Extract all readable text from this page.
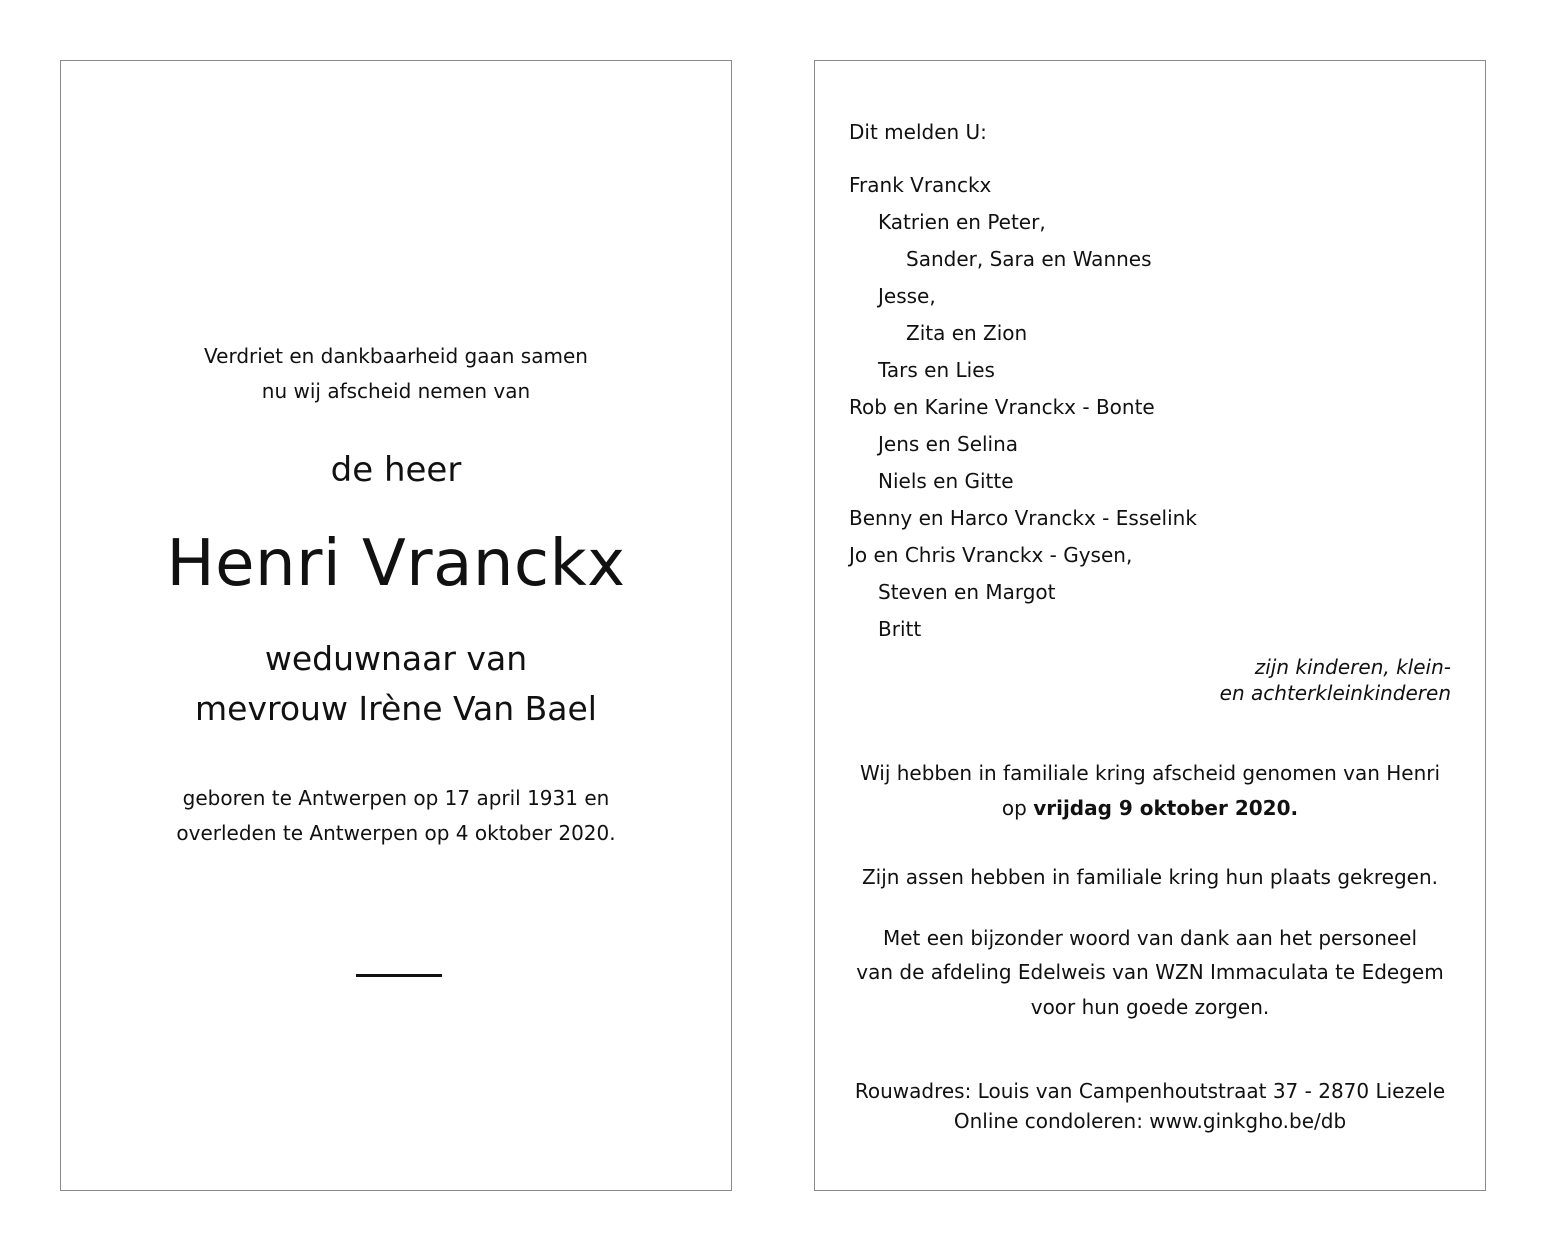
Verdriet en dankbaarheid gaan samen
nu wij afscheid nemen van
de heer
Henri Vranckx
weduwnaar van
mevrouw Irène Van Bael
geboren te Antwerpen op 17 april 1931 en
overleden te Antwerpen op 4 oktober 2020.
Dit melden U:
Frank Vranckx
Katrien en Peter,
Sander, Sara en Wannes
Jesse,
Zita en Zion
Tars en Lies
Rob en Karine Vranckx - Bonte
Jens en Selina
Niels en Gitte
Benny en Harco Vranckx - Esselink
Jo en Chris Vranckx - Gysen,
Steven en Margot
Britt
zijn kinderen, klein-
en achterkleinkinderen
Wij hebben in familiale kring afscheid genomen van Henri
op vrijdag 9 oktober 2020.
Zijn assen hebben in familiale kring hun plaats gekregen.
Met een bijzonder woord van dank aan het personeel
van de afdeling Edelweis van WZN Immaculata te Edegem
voor hun goede zorgen.
Rouwadres: Louis van Campenhoutstraat 37 - 2870 Liezele
Online condoleren: www.ginkgho.be/db
